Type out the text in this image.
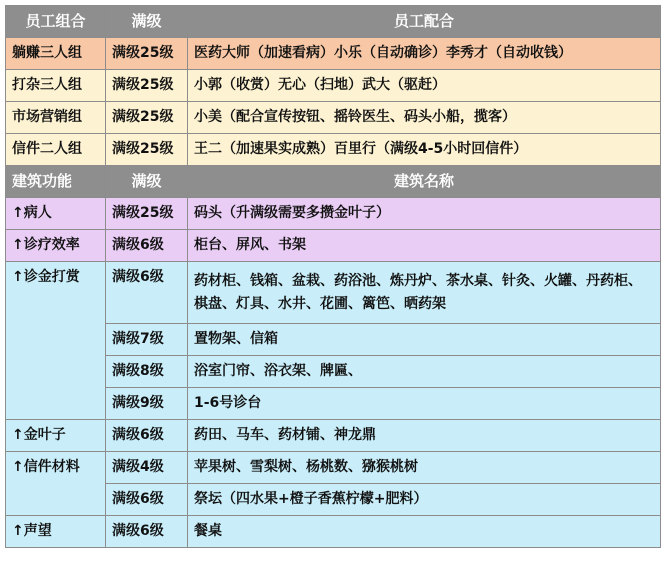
员工组合	满级	员工配合
躺赚三人组	满级25级	医药大师（加速看病）小乐（自动确诊）李秀才（自动收钱）
打杂三人组	满级25级	小郭（收赏）无心（扫地）武大（驱赶）
市场营销组	满级25级	小美（配合宣传按钮、摇铃医生、码头小船，揽客）
信件二人组	满级25级	王二（加速果实成熟）百里行（满级4-5小时回信件）
建筑功能	满级	建筑名称
↑病人	满级25级	码头（升满级需要多攒金叶子）
↑诊疗效率	满级6级	柜台、屏风、书架
↑诊金打赏	满级6级	药材柜、钱箱、盆栽、药浴池、炼丹炉、茶水桌、针灸、火罐、丹药柜、棋盘、灯具、水井、花圃、篱笆、晒药架
	满级7级	置物架、信箱
	满级8级	浴室门帘、浴衣架、牌匾、
	满级9级	1-6号诊台
↑金叶子	满级6级	药田、马车、药材铺、神龙鼎
↑信件材料	满级4级	苹果树、雪梨树、杨桃数、猕猴桃树
	满级6级	祭坛（四水果+橙子香蕉柠檬+肥料）
↑声望	满级6级	餐桌
